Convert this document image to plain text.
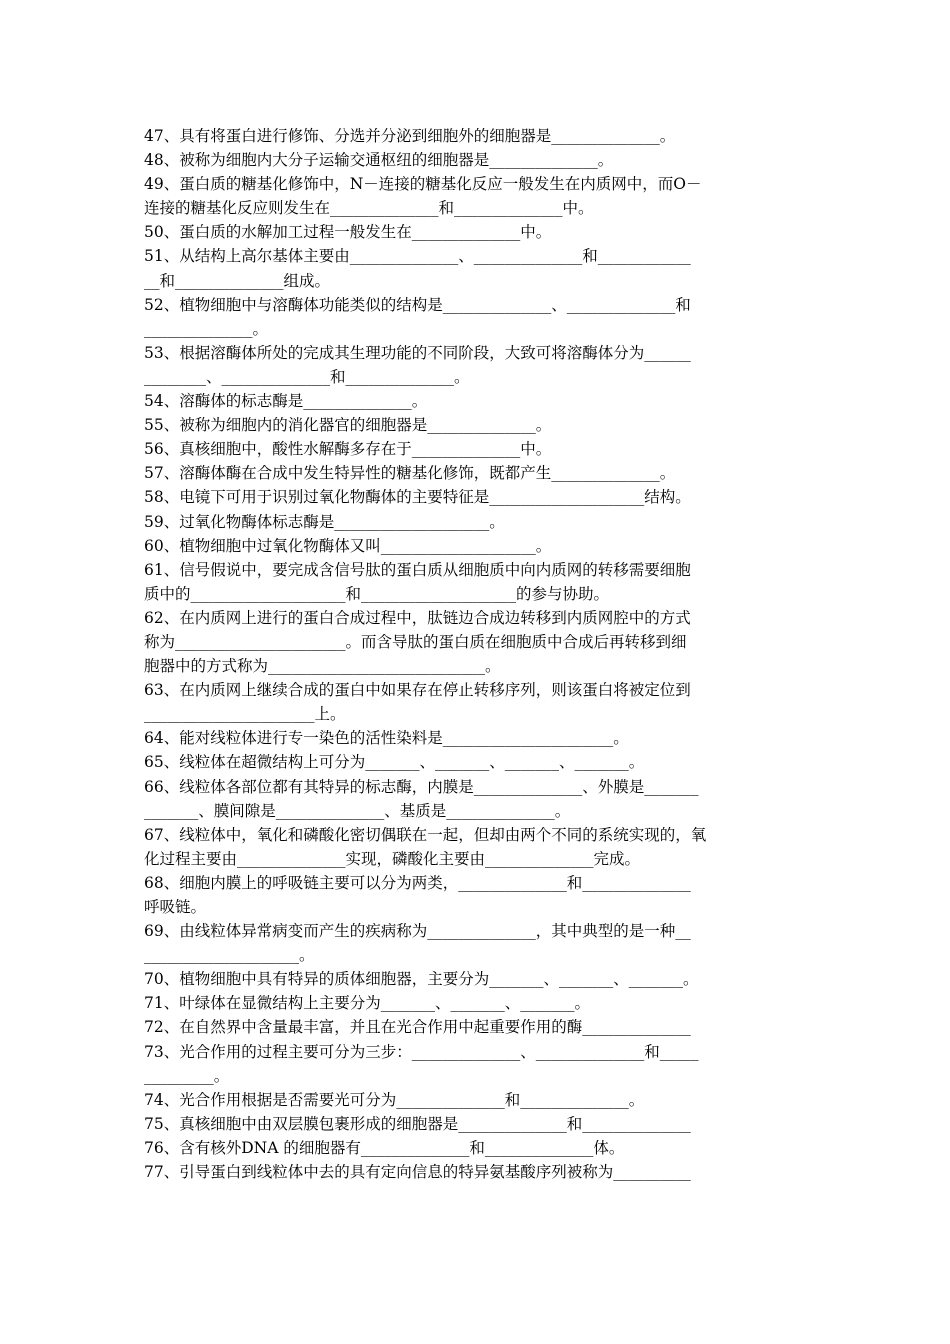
47、具有将蛋白进行修饰、分选并分泌到细胞外的细胞器是______________。
48、被称为细胞内大分子运输交通枢纽的细胞器是______________。
49、蛋白质的糖基化修饰中，N－连接的糖基化反应一般发生在内质网中，而O－
连接的糖基化反应则发生在______________和______________中。
50、蛋白质的水解加工过程一般发生在______________中。
51、从结构上高尔基体主要由______________、______________和____________
__和______________组成。
52、植物细胞中与溶酶体功能类似的结构是______________、______________和
______________。
53、根据溶酶体所处的完成其生理功能的不同阶段，大致可将溶酶体分为______
________、______________和______________。
54、溶酶体的标志酶是______________。
55、被称为细胞内的消化器官的细胞器是______________。
56、真核细胞中，酸性水解酶多存在于______________中。
57、溶酶体酶在合成中发生特异性的糖基化修饰，既都产生______________。
58、电镜下可用于识别过氧化物酶体的主要特征是____________________结构。
59、过氧化物酶体标志酶是____________________。
60、植物细胞中过氧化物酶体又叫____________________。
61、信号假说中，要完成含信号肽的蛋白质从细胞质中向内质网的转移需要细胞
质中的____________________和____________________的参与协助。
62、在内质网上进行的蛋白合成过程中，肽链边合成边转移到内质网腔中的方式
称为______________________。而含导肽的蛋白质在细胞质中合成后再转移到细
胞器中的方式称为____________________________。
63、在内质网上继续合成的蛋白中如果存在停止转移序列，则该蛋白将被定位到
______________________上。
64、能对线粒体进行专一染色的活性染料是______________________。
65、线粒体在超微结构上可分为_______、_______、_______、_______。
66、线粒体各部位都有其特异的标志酶，内膜是______________、外膜是_______
_______、膜间隙是______________、基质是______________。
67、线粒体中，氧化和磷酸化密切偶联在一起，但却由两个不同的系统实现的，氧
化过程主要由______________实现，磷酸化主要由______________完成。
68、细胞内膜上的呼吸链主要可以分为两类，______________和______________
呼吸链。
69、由线粒体异常病变而产生的疾病称为______________，其中典型的是一种__
____________________。
70、植物细胞中具有特异的质体细胞器，主要分为_______、_______、_______。
71、叶绿体在显微结构上主要分为_______、_______、_______。
72、在自然界中含量最丰富，并且在光合作用中起重要作用的酶______________
73、光合作用的过程主要可分为三步：______________、______________和_____
_________。
74、光合作用根据是否需要光可分为______________和______________。
75、真核细胞中由双层膜包裹形成的细胞器是______________和______________
76、含有核外DNA 的细胞器有______________和______________体。
77、引导蛋白到线粒体中去的具有定向信息的特异氨基酸序列被称为__________
